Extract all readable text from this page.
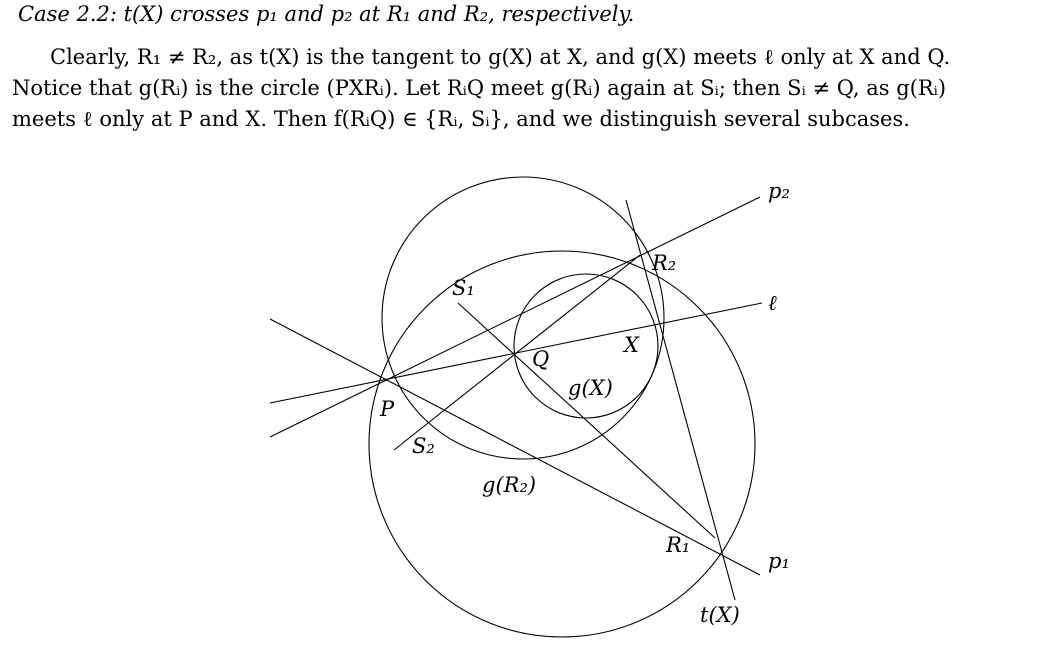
Case 2.2: t(X) crosses p₁ and p₂ at R₁ and R₂, respectively.
Clearly, R₁ ≠ R₂, as t(X) is the tangent to g(X) at X, and g(X) meets ℓ only at X and Q.
Notice that g(Rᵢ) is the circle (PXRᵢ). Let RᵢQ meet g(Rᵢ) again at Sᵢ; then Sᵢ ≠ Q, as g(Rᵢ)
meets ℓ only at P and X. Then f(RᵢQ) ∈ {Rᵢ, Sᵢ}, and we distinguish several subcases.
p₂
R₂
S₁
ℓ
X
Q
g(X)
P
S₂
g(R₂)
R₁
p₁
t(X)
